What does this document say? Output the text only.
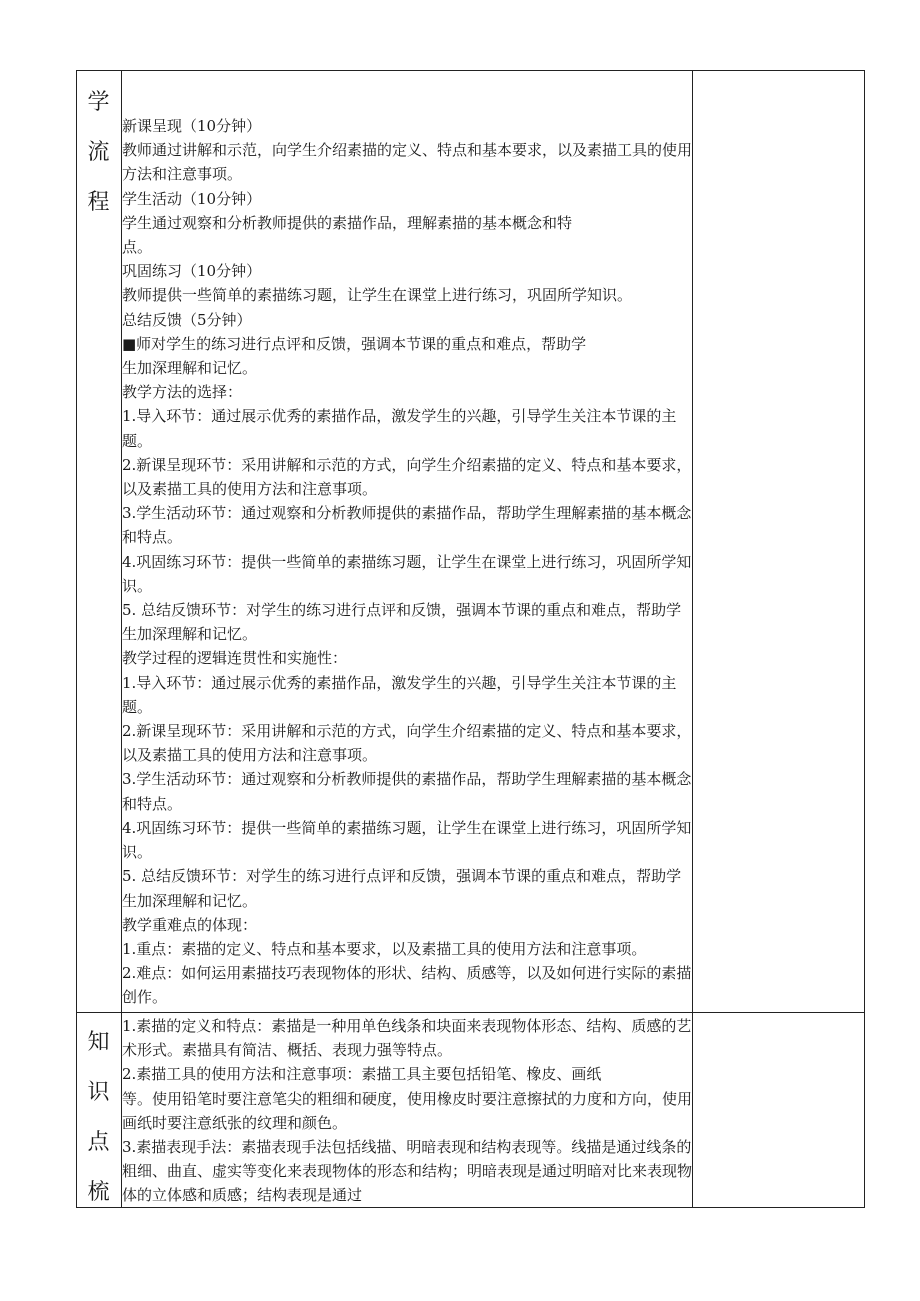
学
流
程

新课呈现（10分钟）

教师通过讲解和示范，向学生介绍素描的定义、特点和基本要求，以及素描工具的使用方法和注意事项。

学生活动（10分钟）

学生通过观察和分析教师提供的素描作品，理解素描的基本概念和特
点。

巩固练习（10分钟）

教师提供一些简单的素描练习题，让学生在课堂上进行练习，巩固所学知识。

总结反馈（5分钟）

■师对学生的练习进行点评和反馈，强调本节课的重点和难点，帮助学
生加深理解和记忆。

教学方法的选择：

1.导入环节：通过展示优秀的素描作品，激发学生的兴趣，引导学生关注本节课的主题。

2.新课呈现环节：采用讲解和示范的方式，向学生介绍素描的定义、特点和基本要求，以及素描工具的使用方法和注意事项。

3.学生活动环节：通过观察和分析教师提供的素描作品，帮助学生理解素描的基本概念和特点。

4.巩固练习环节：提供一些简单的素描练习题，让学生在课堂上进行练习，巩固所学知识。

5. 总结反馈环节：对学生的练习进行点评和反馈，强调本节课的重点和难点，帮助学生加深理解和记忆。

教学过程的逻辑连贯性和实施性：

1.导入环节：通过展示优秀的素描作品，激发学生的兴趣，引导学生关注本节课的主题。

2.新课呈现环节：采用讲解和示范的方式，向学生介绍素描的定义、特点和基本要求，以及素描工具的使用方法和注意事项。

3.学生活动环节：通过观察和分析教师提供的素描作品，帮助学生理解素描的基本概念和特点。

4.巩固练习环节：提供一些简单的素描练习题，让学生在课堂上进行练习，巩固所学知识。

5. 总结反馈环节：对学生的练习进行点评和反馈，强调本节课的重点和难点，帮助学生加深理解和记忆。

教学重难点的体现：

1.重点：素描的定义、特点和基本要求，以及素描工具的使用方法和注意事项。

2.难点：如何运用素描技巧表现物体的形状、结构、质感等，以及如何进行实际的素描创作。

知
识
点
梳

1.素描的定义和特点：素描是一种用单色线条和块面来表现物体形态、结构、质感的艺术形式。素描具有简洁、概括、表现力强等特点。

2.素描工具的使用方法和注意事项：素描工具主要包括铅笔、橡皮、画纸
等。使用铅笔时要注意笔尖的粗细和硬度，使用橡皮时要注意擦拭的力度和方向，使用画纸时要注意纸张的纹理和颜色。

3.素描表现手法：素描表现手法包括线描、明暗表现和结构表现等。线描是通过线条的粗细、曲直、虚实等变化来表现物体的形态和结构；明暗表现是通过明暗对比来表现物体的立体感和质感；结构表现是通过
